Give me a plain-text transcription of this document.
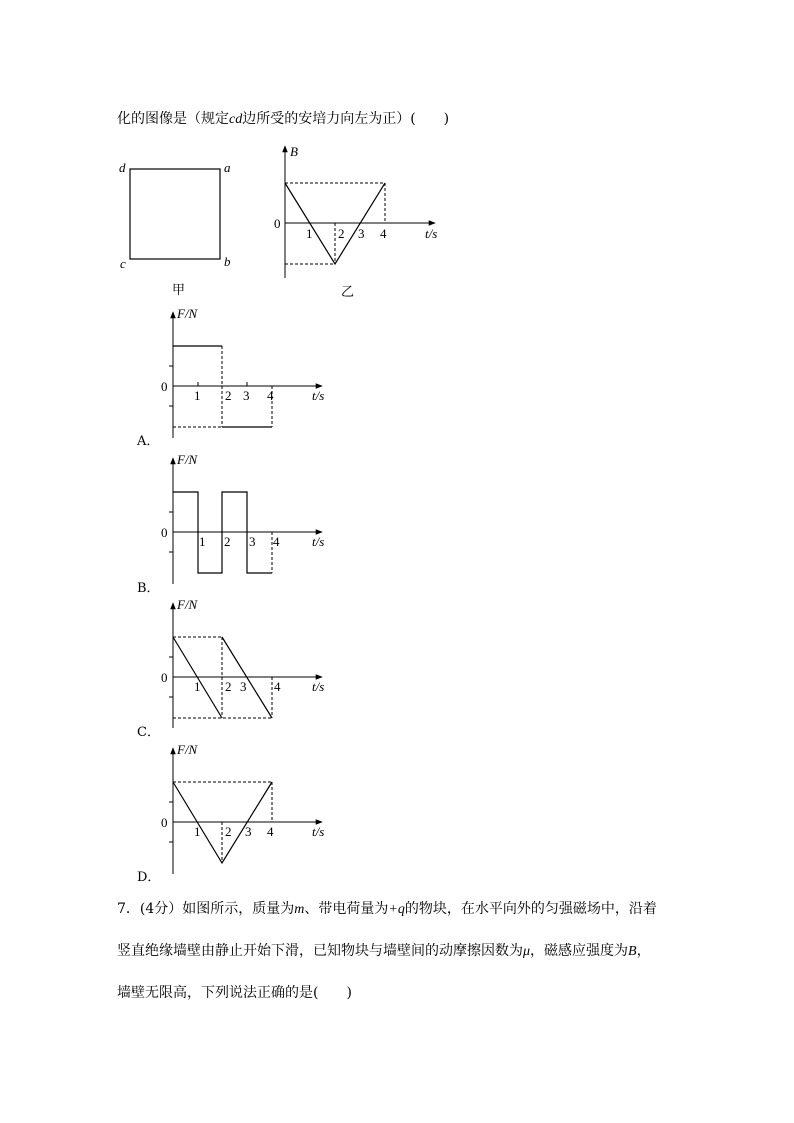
化的图像是（规定cd边所受的安培力向左为正）(　　)
d	a
c	b
甲
B
t/s
0
1 2 3 4
乙
F/N
t/s
0
1 2 3 4
F/N
t/s
0
1 2 3 4
F/N
t/s
0
1 2 3 4
F/N
t/s
0
1 2 3 4
A．
B．
C．
D．
7．(4分）如图所示，质量为m、带电荷量为+q的物块，在水平向外的匀强磁场中，沿着
竖直绝缘墙壁由静止开始下滑，已知物块与墙壁间的动摩擦因数为μ，磁感应强度为B，
墙壁无限高，下列说法正确的是(　　)
